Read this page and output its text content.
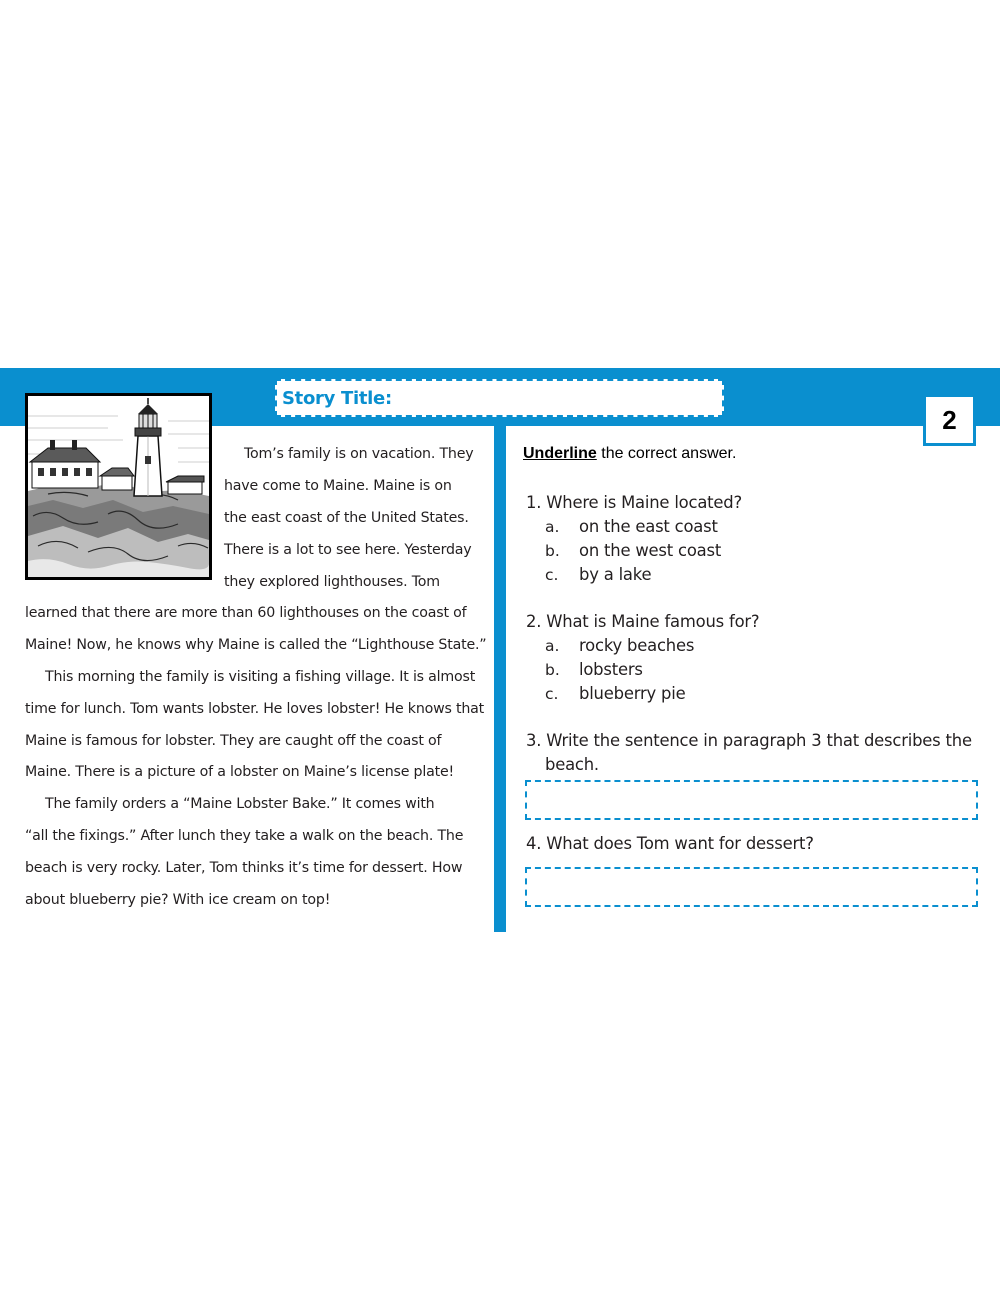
Story Title:
2
Tom’s family is on vacation. They
have come to Maine. Maine is on
the east coast of the United States.
There is a lot to see here. Yesterday
they explored lighthouses. Tom
learned that there are more than 60 lighthouses on the coast of
Maine! Now, he knows why Maine is called the “Lighthouse State.”
This morning the family is visiting a fishing village. It is almost
time for lunch. Tom wants lobster. He loves lobster! He knows that
Maine is famous for lobster. They are caught off the coast of
Maine. There is a picture of a lobster on Maine’s license plate!
The family orders a “Maine Lobster Bake.” It comes with
“all the fixings.” After lunch they take a walk on the beach. The
beach is very rocky. Later, Tom thinks it’s time for dessert. How
about blueberry pie? With ice cream on top!
Underline the correct answer.
1. Where is Maine located?
a. on the east coast
b. on the west coast
c. by a lake
2. What is Maine famous for?
a. rocky beaches
b. lobsters
c. blueberry pie
3. Write the sentence in paragraph 3 that describes the
beach.
4. What does Tom want for dessert?
